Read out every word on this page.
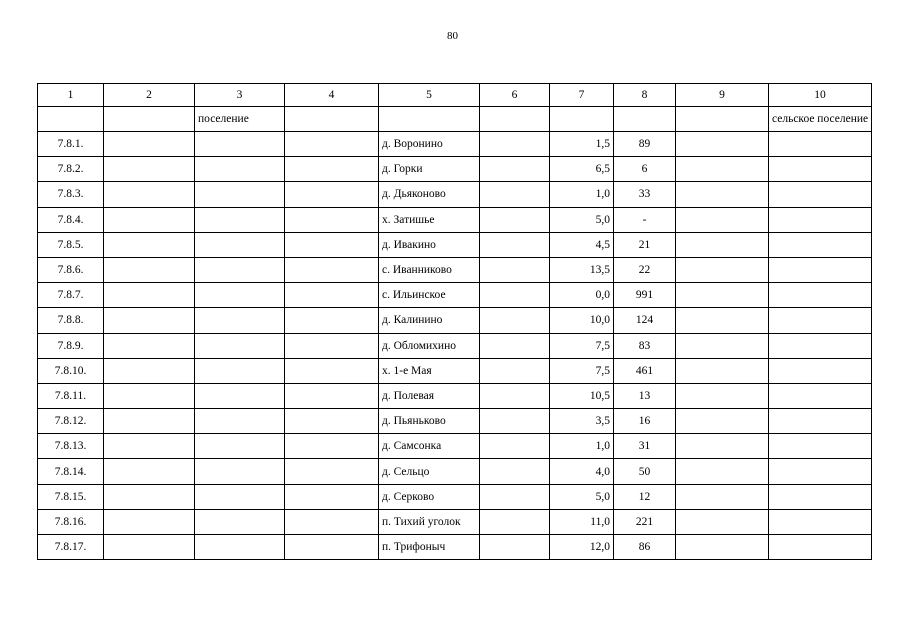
80
1	2	3	4	5	6	7	8	9	10
		поселение							сельское поселение
7.8.1.				д. Воронино		1,5	89		
7.8.2.				д. Горки		6,5	6		
7.8.3.				д. Дьяконово		1,0	33		
7.8.4.				х. Затишье		5,0	-		
7.8.5.				д. Ивакино		4,5	21		
7.8.6.				с. Иванниково		13,5	22		
7.8.7.				с. Ильинское		0,0	991		
7.8.8.				д. Калинино		10,0	124		
7.8.9.				д. Обломихино		7,5	83		
7.8.10.				х. 1-е Мая		7,5	461		
7.8.11.				д. Полевая		10,5	13		
7.8.12.				д. Пьяньково		3,5	16		
7.8.13.				д. Самсонка		1,0	31		
7.8.14.				д. Сельцо		4,0	50		
7.8.15.				д. Серково		5,0	12		
7.8.16.				п. Тихий уголок		11,0	221		
7.8.17.				п. Трифоныч		12,0	86		
